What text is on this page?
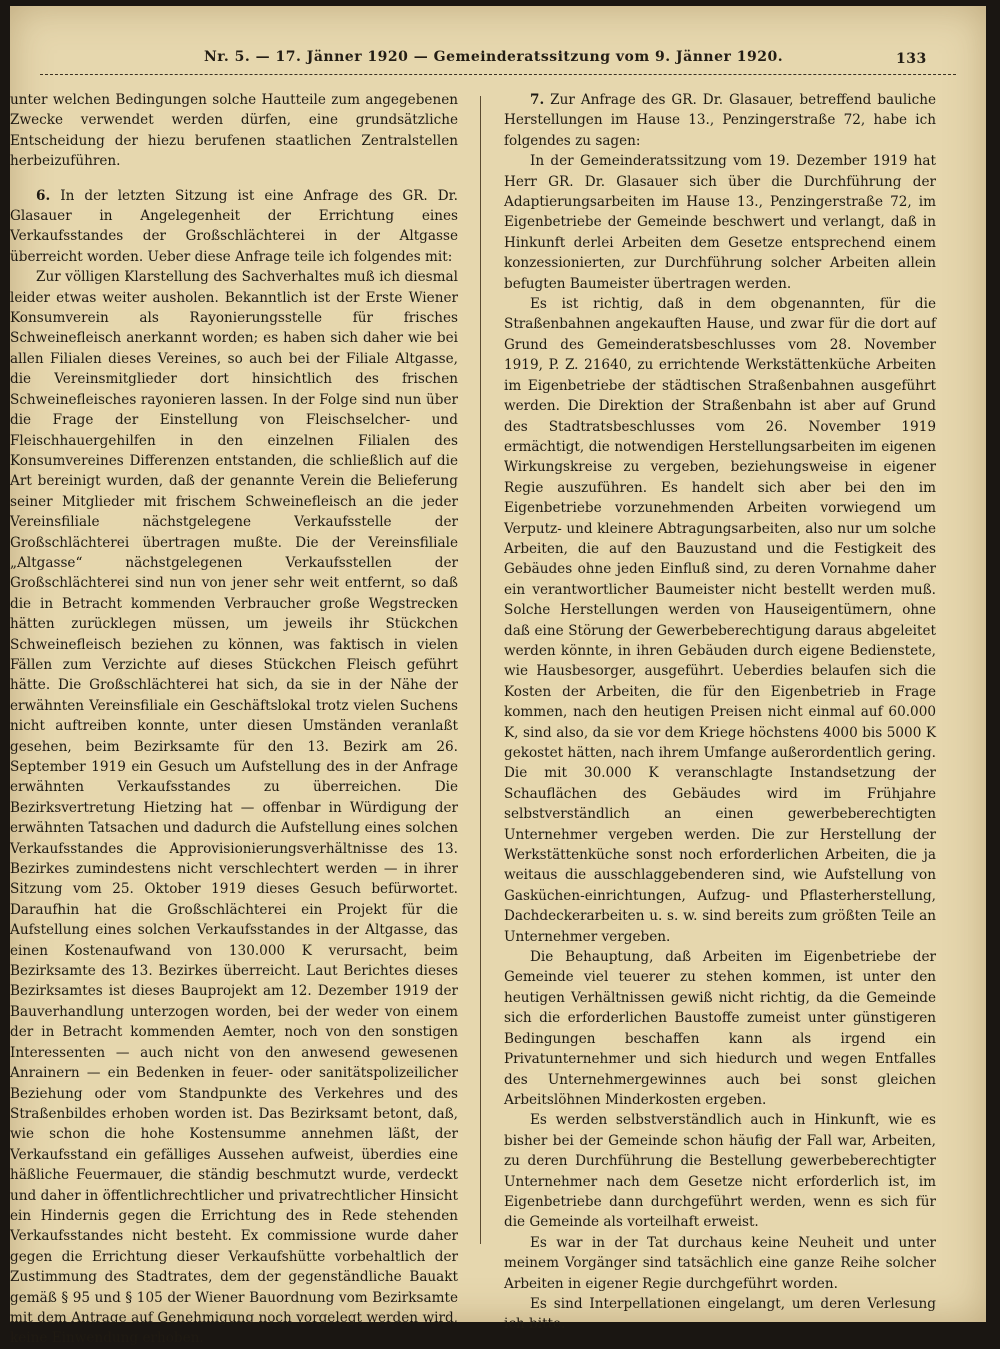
Nr. 5. — 17. Jänner 1920 — Gemeinderatssitzung vom 9. Jänner 1920.	133

unter welchen Bedingungen solche Hautteile zum angegebenen Zwecke verwendet werden dürfen, eine grundsätzliche Entscheidung der hiezu berufenen staatlichen Zentralstellen herbeizuführen.

6. In der letzten Sitzung ist eine Anfrage des GR. Dr. Glasauer in Angelegenheit der Errichtung eines Verkaufsstandes der Großschlächterei in der Altgasse überreicht worden. Ueber diese Anfrage teile ich folgendes mit:

Zur völligen Klarstellung des Sachverhaltes muß ich diesmal leider etwas weiter ausholen. Bekanntlich ist der Erste Wiener Konsumverein als Rayonierungsstelle für frisches Schweinefleisch anerkannt worden; es haben sich daher wie bei allen Filialen dieses Vereines, so auch bei der Filiale Altgasse, die Vereinsmitglieder dort hinsichtlich des frischen Schweinefleisches rayonieren lassen. In der Folge sind nun über die Frage der Einstellung von Fleischselcher- und Fleischhauergehilfen in den einzelnen Filialen des Konsumvereines Differenzen entstanden, die schließlich auf die Art bereinigt wurden, daß der genannte Verein die Belieferung seiner Mitglieder mit frischem Schweinefleisch an die jeder Vereinsfiliale nächstgelegene Verkaufsstelle der Großschlächterei übertragen mußte. Die der Vereinsfiliale „Altgasse“ nächstgelegenen Verkaufsstellen der Großschlächterei sind nun von jener sehr weit entfernt, so daß die in Betracht kommenden Verbraucher große Wegstrecken hätten zurücklegen müssen, um jeweils ihr Stückchen Schweinefleisch beziehen zu können, was faktisch in vielen Fällen zum Verzichte auf dieses Stückchen Fleisch geführt hätte. Die Großschlächterei hat sich, da sie in der Nähe der erwähnten Vereinsfiliale ein Geschäftslokal trotz vielen Suchens nicht auftreiben konnte, unter diesen Umständen veranlaßt gesehen, beim Bezirksamte für den 13. Bezirk am 26. September 1919 ein Gesuch um Aufstellung des in der Anfrage erwähnten Verkaufsstandes zu überreichen. Die Bezirksvertretung Hietzing hat — offenbar in Würdigung der erwähnten Tatsachen und dadurch die Aufstellung eines solchen Verkaufsstandes die Approvisionierungsverhältnisse des 13. Bezirkes zumindestens nicht verschlechtert werden — in ihrer Sitzung vom 25. Oktober 1919 dieses Gesuch befürwortet. Daraufhin hat die Großschlächterei ein Projekt für die Aufstellung eines solchen Verkaufsstandes in der Altgasse, das einen Kostenaufwand von 130.000 K verursacht, beim Bezirksamte des 13. Bezirkes überreicht. Laut Berichtes dieses Bezirksamtes ist dieses Bauprojekt am 12. Dezember 1919 der Bauverhandlung unterzogen worden, bei der weder von einem der in Betracht kommenden Aemter, noch von den sonstigen Interessenten — auch nicht von den anwesend gewesenen Anrainern — ein Bedenken in feuer- oder sanitätspolizeilicher Beziehung oder vom Standpunkte des Verkehres und des Straßenbildes erhoben worden ist. Das Bezirksamt betont, daß, wie schon die hohe Kostensumme annehmen läßt, der Verkaufsstand ein gefälliges Aussehen aufweist, überdies eine häßliche Feuermauer, die ständig beschmutzt wurde, verdeckt und daher in öffentlichrechtlicher und privatrechtlicher Hinsicht ein Hindernis gegen die Errichtung des in Rede stehenden Verkaufsstandes nicht besteht. Ex commissione wurde daher gegen die Errichtung dieser Verkaufshütte vorbehaltlich der Zustimmung des Stadtrates, dem der gegenständliche Bauakt gemäß § 95 und § 105 der Wiener Bauordnung vom Bezirksamte mit dem Antrage auf Genehmigung noch vorgelegt werden wird, keine Einwendung erhoben.

7. Zur Anfrage des GR. Dr. Glasauer, betreffend bauliche Herstellungen im Hause 13., Penzingerstraße 72, habe ich folgendes zu sagen:

In der Gemeinderatssitzung vom 19. Dezember 1919 hat Herr GR. Dr. Glasauer sich über die Durchführung der Adaptierungsarbeiten im Hause 13., Penzingerstraße 72, im Eigenbetriebe der Gemeinde beschwert und verlangt, daß in Hinkunft derlei Arbeiten dem Gesetze entsprechend einem konzessionierten, zur Durchführung solcher Arbeiten allein befugten Baumeister übertragen werden.

Es ist richtig, daß in dem obgenannten, für die Straßenbahnen angekauften Hause, und zwar für die dort auf Grund des Gemeinderatsbeschlusses vom 28. November 1919, P. Z. 21640, zu errichtende Werkstättenküche Arbeiten im Eigenbetriebe der städtischen Straßenbahnen ausgeführt werden. Die Direktion der Straßenbahn ist aber auf Grund des Stadtratsbeschlusses vom 26. November 1919 ermächtigt, die notwendigen Herstellungsarbeiten im eigenen Wirkungskreise zu vergeben, beziehungsweise in eigener Regie auszuführen. Es handelt sich aber bei den im Eigenbetriebe vorzunehmenden Arbeiten vorwiegend um Verputz- und kleinere Abtragungsarbeiten, also nur um solche Arbeiten, die auf den Bauzustand und die Festigkeit des Gebäudes ohne jeden Einfluß sind, zu deren Vornahme daher ein verantwortlicher Baumeister nicht bestellt werden muß. Solche Herstellungen werden von Hauseigentümern, ohne daß eine Störung der Gewerbeberechtigung daraus abgeleitet werden könnte, in ihren Gebäuden durch eigene Bedienstete, wie Hausbesorger, ausgeführt. Ueberdies belaufen sich die Kosten der Arbeiten, die für den Eigenbetrieb in Frage kommen, nach den heutigen Preisen nicht einmal auf 60.000 K, sind also, da sie vor dem Kriege höchstens 4000 bis 5000 K gekostet hätten, nach ihrem Umfange außerordentlich gering. Die mit 30.000 K veranschlagte Instandsetzung der Schauflächen des Gebäudes wird im Frühjahre selbstverständlich an einen gewerbeberechtigten Unternehmer vergeben werden. Die zur Herstellung der Werkstättenküche sonst noch erforderlichen Arbeiten, die ja weitaus die ausschlaggebenderen sind, wie Aufstellung von Gasküchen-einrichtungen, Aufzug- und Pflasterherstellung, Dachdeckerarbeiten u. s. w. sind bereits zum größten Teile an Unternehmer vergeben.

Die Behauptung, daß Arbeiten im Eigenbetriebe der Gemeinde viel teuerer zu stehen kommen, ist unter den heutigen Verhältnissen gewiß nicht richtig, da die Gemeinde sich die erforderlichen Baustoffe zumeist unter günstigeren Bedingungen beschaffen kann als irgend ein Privatunternehmer und sich hiedurch und wegen Entfalles des Unternehmergewinnes auch bei sonst gleichen Arbeitslöhnen Minderkosten ergeben.

Es werden selbstverständlich auch in Hinkunft, wie es bisher bei der Gemeinde schon häufig der Fall war, Arbeiten, zu deren Durchführung die Bestellung gewerbeberechtigter Unternehmer nach dem Gesetze nicht erforderlich ist, im Eigenbetriebe dann durchgeführt werden, wenn es sich für die Gemeinde als vorteilhaft erweist.

Es war in der Tat durchaus keine Neuheit und unter meinem Vorgänger sind tatsächlich eine ganze Reihe solcher Arbeiten in eigener Regie durchgeführt worden.

Es sind Interpellationen eingelangt, um deren Verlesung ich bitte.
